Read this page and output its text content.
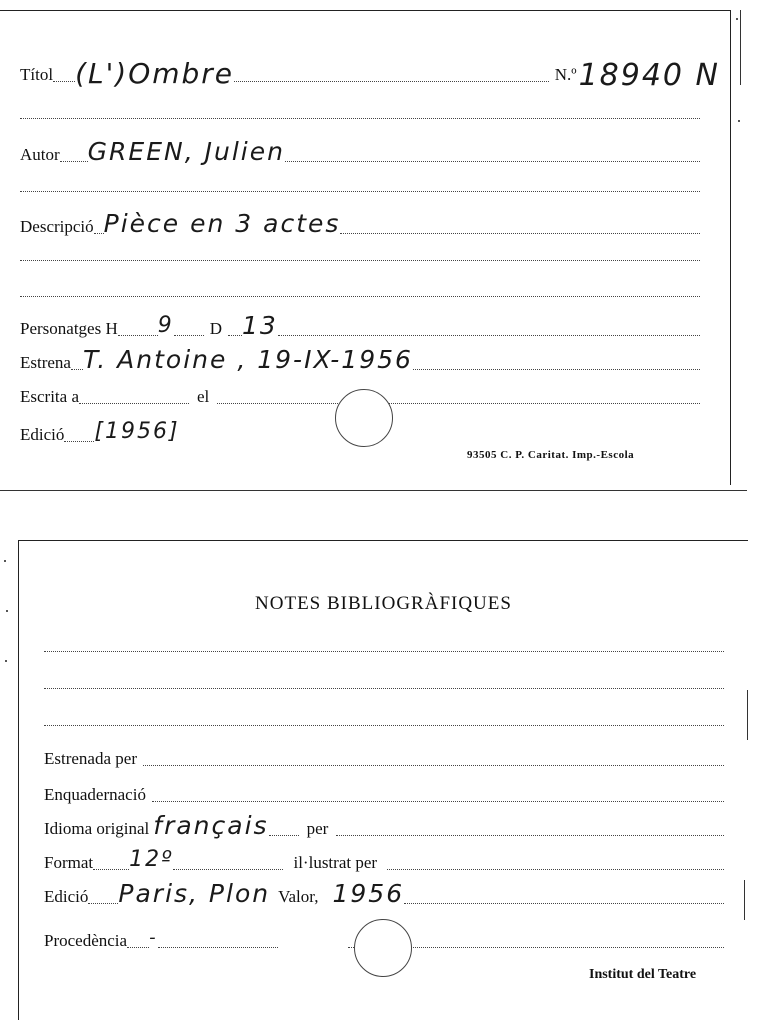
Títol (L')Ombre	N.º 18940 N
Autor GREEN, Julien
Descripció Pièce en 3 actes
Personatges H 9 D 13
Estrena T. Antoine , 19-IX-1956
Escrita a	el
Edició [1956]
93505 C. P. Caritat. Imp.-Escola
NOTES BIBLIOGRÀFIQUES
Estrenada per
Enquadernació
Idioma original français per
Format 12º	il·lustrat per
Edició Paris, Plon Valor, 1956
Procedència -
Institut del Teatre
